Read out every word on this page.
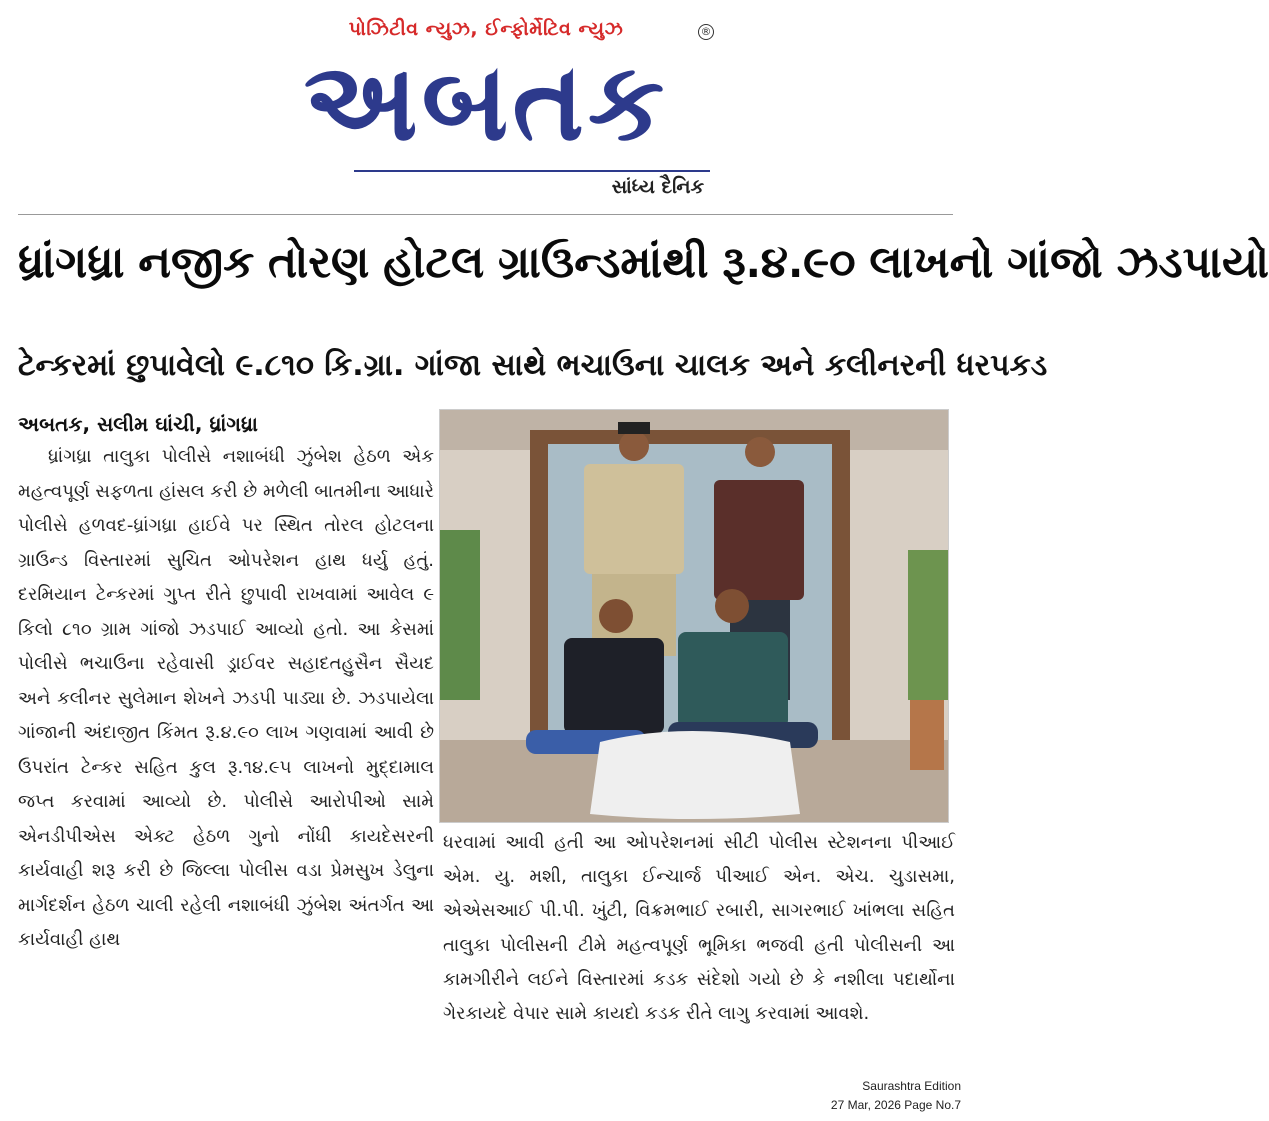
પોઝિટીવ ન્યુઝ, ઈન્ફોર્મેટિવ ન્યુઝ	®
અબતક
સાંધ્ય દૈનિક
ધ્રાંગધ્રા નજીક તોરણ હોટલ ગ્રાઉન્ડમાંથી રૂ.૪.૯૦ લાખનો ગાંજો ઝડપાયો
ટેન્કરમાં છુપાવેલો ૯.૮૧૦ કિ.ગ્રા. ગાંજા સાથે ભચાઉના ચાલક અને કલીનરની ધરપકડ
અબતક, સલીમ ઘાંચી, ધ્રાંગધ્રા

ધ્રાંગધ્રા તાલુકા પોલીસે નશાબંધી ઝુંબેશ હેઠળ એક મહત્વપૂર્ણ સફળતા હાંસલ કરી છે મળેલી બાતમીના આધારે પોલીસે હળવદ-ધ્રાંગધ્રા હાઈવે પર સ્થિત તોરલ હોટલના ગ્રાઉન્ડ વિસ્તારમાં સુચિત ઓપરેશન હાથ ધર્યુ હતું. દરમિયાન ટેન્કરમાં ગુપ્ત રીતે છુપાવી રાખવામાં આવેલ ૯ કિલો ૮૧૦ ગ્રામ ગાંજો ઝડપાઈ આવ્યો હતો. આ કેસમાં પોલીસે ભચાઉના રહેવાસી ડ્રાઈવર સહાદતહુસૈન સૈયદ અને કલીનર સુલેમાન શેખને ઝડપી પાડ્યા છે. ઝડપાયેલા ગાંજાની અંદાજીત કિંમત રૂ.૪.૯૦ લાખ ગણવામાં આવી છે ઉપરાંત ટેન્કર સહિત કુલ રૂ.૧૪.૯૫ લાખનો મુદ્દામાલ જપ્ત કરવામાં આવ્યો છે. પોલીસે આરોપીઓ સામે એનડીપીએસ એક્ટ હેઠળ ગુનો નોંધી કાયદેસરની કાર્યવાહી શરૂ કરી છે જિલ્લા પોલીસ વડા પ્રેમસુખ ડેલુના માર્ગદર્શન હેઠળ ચાલી રહેલી નશાબંધી ઝુંબેશ અંતર્ગત આ કાર્યવાહી હાથ

ધરવામાં આવી હતી આ ઓપરેશનમાં સીટી પોલીસ સ્ટેશનના પીઆઈ એમ. યુ. મશી, તાલુકા ઈન્ચાર્જ પીઆઈ એન. એચ. ચુડાસમા, એએસઆઈ પી.પી. ખુંટી, વિક્રમભાઈ રબારી, સાગરભાઈ ખાંભલા સહિત તાલુકા પોલીસની ટીમે મહત્વપૂર્ણ ભૂમિકા ભજવી હતી પોલીસની આ કામગીરીને લઈને વિસ્તારમાં કડક સંદેશો ગયો છે કે નશીલા પદાર્થોના ગેરકાયદે વેપાર સામે કાયદો કડક રીતે લાગુ કરવામાં આવશે.

Saurashtra Edition
27 Mar, 2026 Page No.7
